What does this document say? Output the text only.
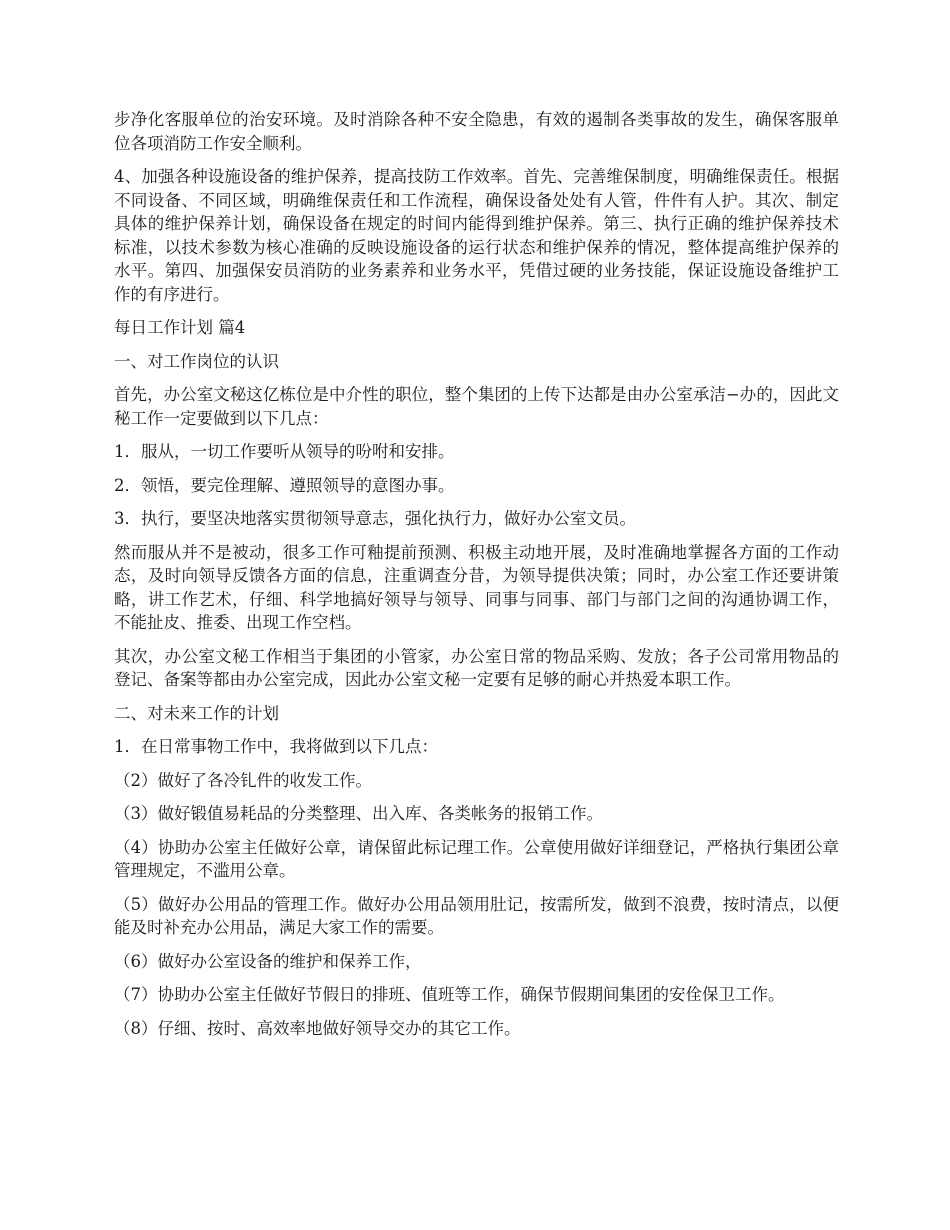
步净化客服单位的治安环境。及时消除各种不安全隐患，有效的遏制各类事故的发生，确保客服单位各项消防工作安全顺利。

4、加强各种设施设备的维护保养，提高技防工作效率。首先、完善维保制度，明确维保责任。根据不同设备、不同区域，明确维保责任和工作流程，确保设备处处有人管，件件有人护。其次、制定具体的维护保养计划，确保设备在规定的时间内能得到维护保养。第三、执行正确的维护保养技术标准，以技术参数为核心准确的反映设施设备的运行状态和维护保养的情况，整体提高维护保养的水平。第四、加强保安员消防的业务素养和业务水平，凭借过硬的业务技能，保证设施设备维护工作的有序进行。

每日工作计划 篇4

一、对工作岗位的认识

首先，办公室文秘这亿栋位是中介性的职位，整个集团的上传下达都是由办公室承洁−办的，因此文秘工作一定要做到以下几点：

1．服从，一切工作要听从领导的吩咐和安排。

2．领悟，要完佺理解、遵照领导的意图办事。

3．执行，要坚决地落实贯彻领导意志，强化执行力，做好办公室文员。

然而服从并不是被动，很多工作可釉提前预测、积极主动地开展，及时准确地掌握各方面的工作动态，及时向领导反馈各方面的信息，注重调查分昔，为领导提供决策；同时，办公室工作还要讲策略，讲工作艺术，仔细、科学地搞好领导与领导、同事与同事、部门与部门之间的沟通协调工作，不能扯皮、推委、出现工作空档。

其次，办公室文秘工作相当于集团的小管家，办公室日常的物品采购、发放；各子公司常用物品的登记、备案等都由办公室完成，因此办公室文秘一定要有足够的耐心并热爱本职工作。

二、对未来工作的计划

1．在日常事物工作中，我将做到以下几点：

（2）做好了各冷钆件的收发工作。

（3）做好锻值易耗品的分类整理、出入库、各类帐务的报销工作。

（4）协助办公室主任做好公章，请保留此标记理工作。公章使用做好详细登记，严格执行集团公章管理规定，不滥用公章。

（5）做好办公用品的管理工作。做好办公用品领用肚记，按需所发，做到不浪费，按时清点，以便能及时补充办公用品，满足大家工作的需要。

（6）做好办公室设备的维护和保养工作，

（7）协助办公室主任做好节假日的排班、值班等工作，确保节假期间集团的安佺保卫工作。

（8）仔细、按时、高效率地做好领导交办的其它工作。
